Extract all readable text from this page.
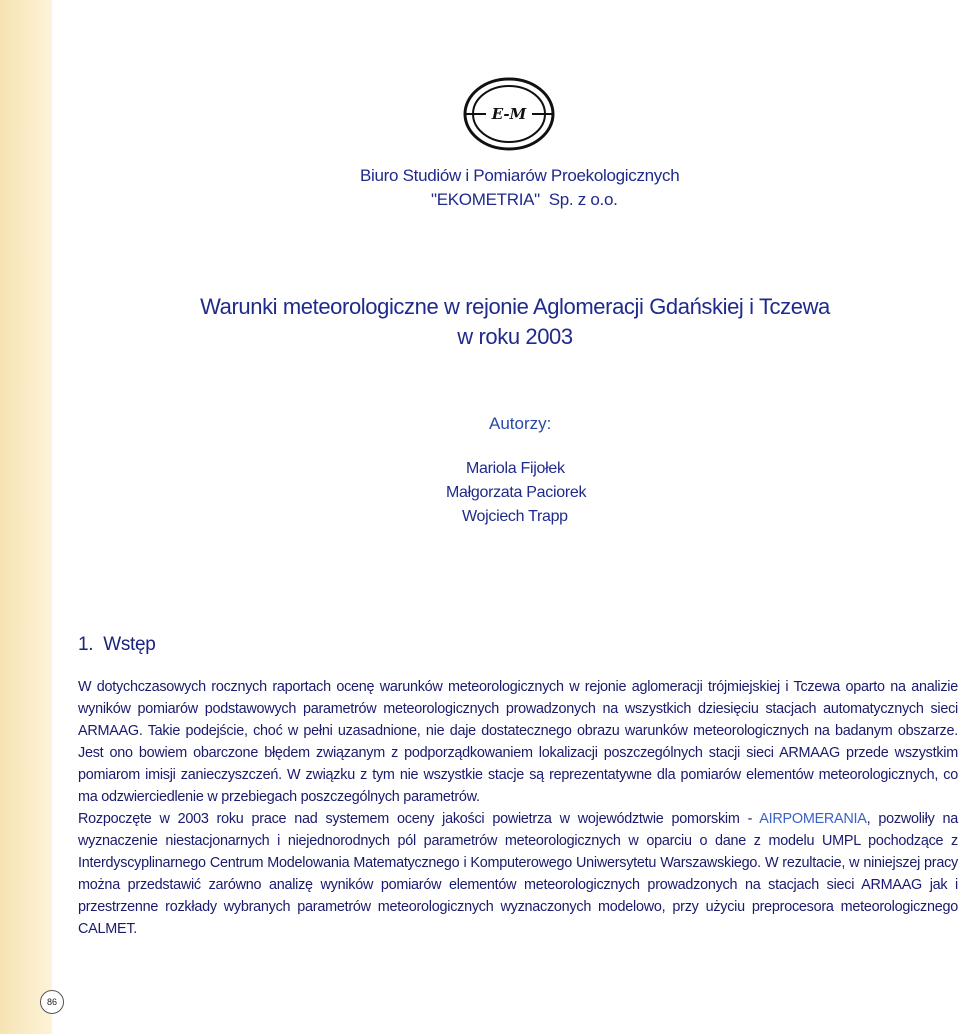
E-M
Biuro Studiów i Pomiarów Proekologicznych
"EKOMETRIA"  Sp. z o.o.
Warunki meteorologiczne w rejonie Aglomeracji Gdańskiej i Tczewa
w roku 2003
Autorzy:
Mariola Fijołek
Małgorzata Paciorek
Wojciech Trapp
1.  Wstęp

W dotychczasowych rocznych raportach ocenę warunków meteorologicznych w rejonie aglomeracji trójmiejskiej i Tczewa oparto na analizie wyników pomiarów podstawowych parametrów meteorologicznych prowadzonych na wszystkich dziesięciu stacjach automatycznych sieci ARMAAG. Takie podejście, choć w pełni uzasadnione, nie daje dostatecznego obrazu warunków meteorologicznych na badanym obszarze. Jest ono bowiem obarczone błędem związanym z podporządkowaniem lokalizacji poszczególnych stacji sieci ARMAAG przede wszystkim pomiarom imisji zanieczyszczeń. W związku z tym nie wszystkie stacje są reprezentatywne dla pomiarów elementów meteorologicznych, co ma odzwierciedlenie w przebiegach poszczególnych parametrów.

Rozpoczęte w 2003 roku prace nad systemem oceny jakości powietrza w województwie pomorskim - AIRPOMERANIA, pozwoliły na wyznaczenie niestacjonarnych i niejednorodnych pól parametrów meteorologicznych w oparciu o dane z modelu UMPL pochodzące z Interdyscyplinarnego Centrum Modelowania Matematycznego i Komputerowego Uniwersytetu Warszawskiego. W rezultacie, w niniejszej pracy można przedstawić zarówno analizę wyników pomiarów elementów meteorologicznych prowadzonych na stacjach sieci ARMAAG jak i przestrzenne rozkłady wybranych parametrów meteorologicznych wyznaczonych modelowo, przy użyciu preprocesora meteorologicznego CALMET.

86
